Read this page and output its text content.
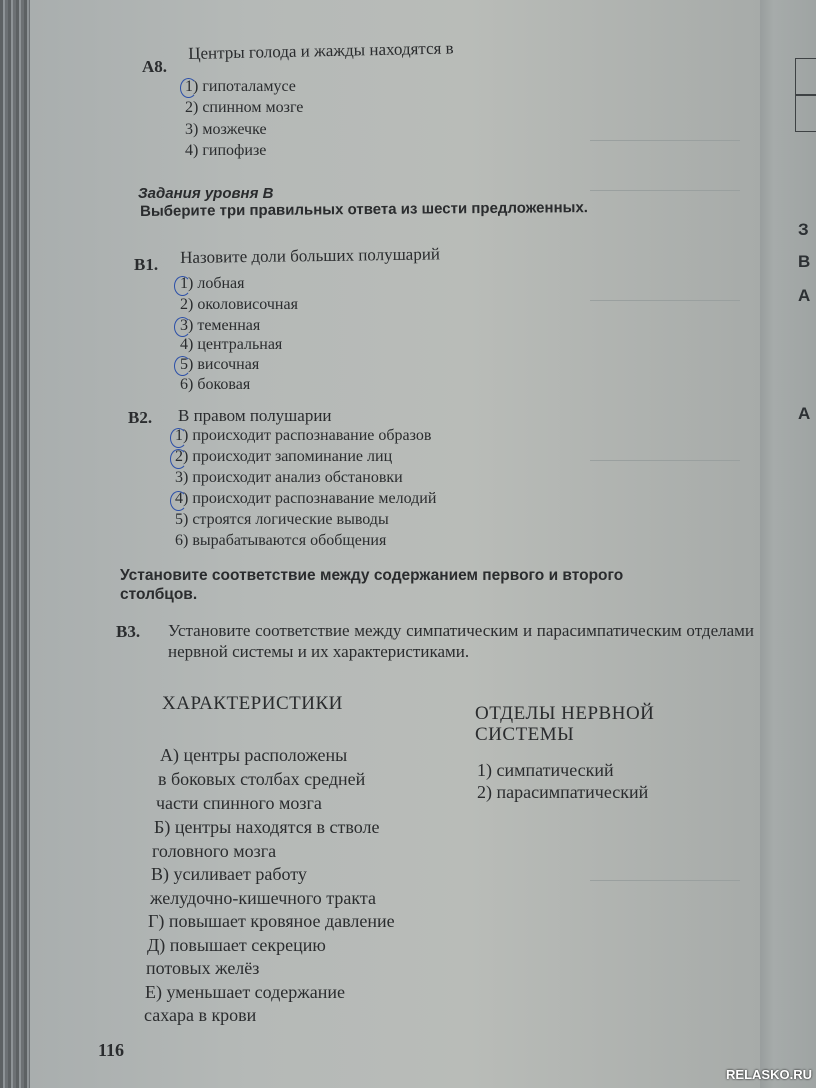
З
В
А
А
А8.
Центры голода и жажды находятся в
1) гипоталамусе
2) спинном мозге
3) мозжечке
4) гипофизе
Задания уровня В
Выберите три правильных ответа из шести предложенных.
В1. Назовите доли больших полушарий
1) лобная
2) околовисочная
3) теменная
4) центральная
5) височная
6) боковая
В2. В правом полушарии
1) происходит распознавание образов
2) происходит запоминание лиц
3) происходит анализ обстановки
4) происходит распознавание мелодий
5) строятся логические выводы
6) вырабатываются обобщения
Установите соответствие между содержанием первого и второго
столбцов.
В3. Установите соответствие между симпатическим и парасимпатическим отделами нервной системы и их характеристиками.
ХАРАКТЕРИСТИКИ	ОТДЕЛЫ НЕРВНОЙ
СИСТЕМЫ
А) центры расположены
в боковых столбах средней
части спинного мозга
Б) центры находятся в стволе
головного мозга
В) усиливает работу
желудочно-кишечного тракта
Г) повышает кровяное давление
Д) повышает секрецию
потовых желёз
Е) уменьшает содержание
сахара в крови
1) симпатический
2) парасимпатический
116
RELASKO.RU
